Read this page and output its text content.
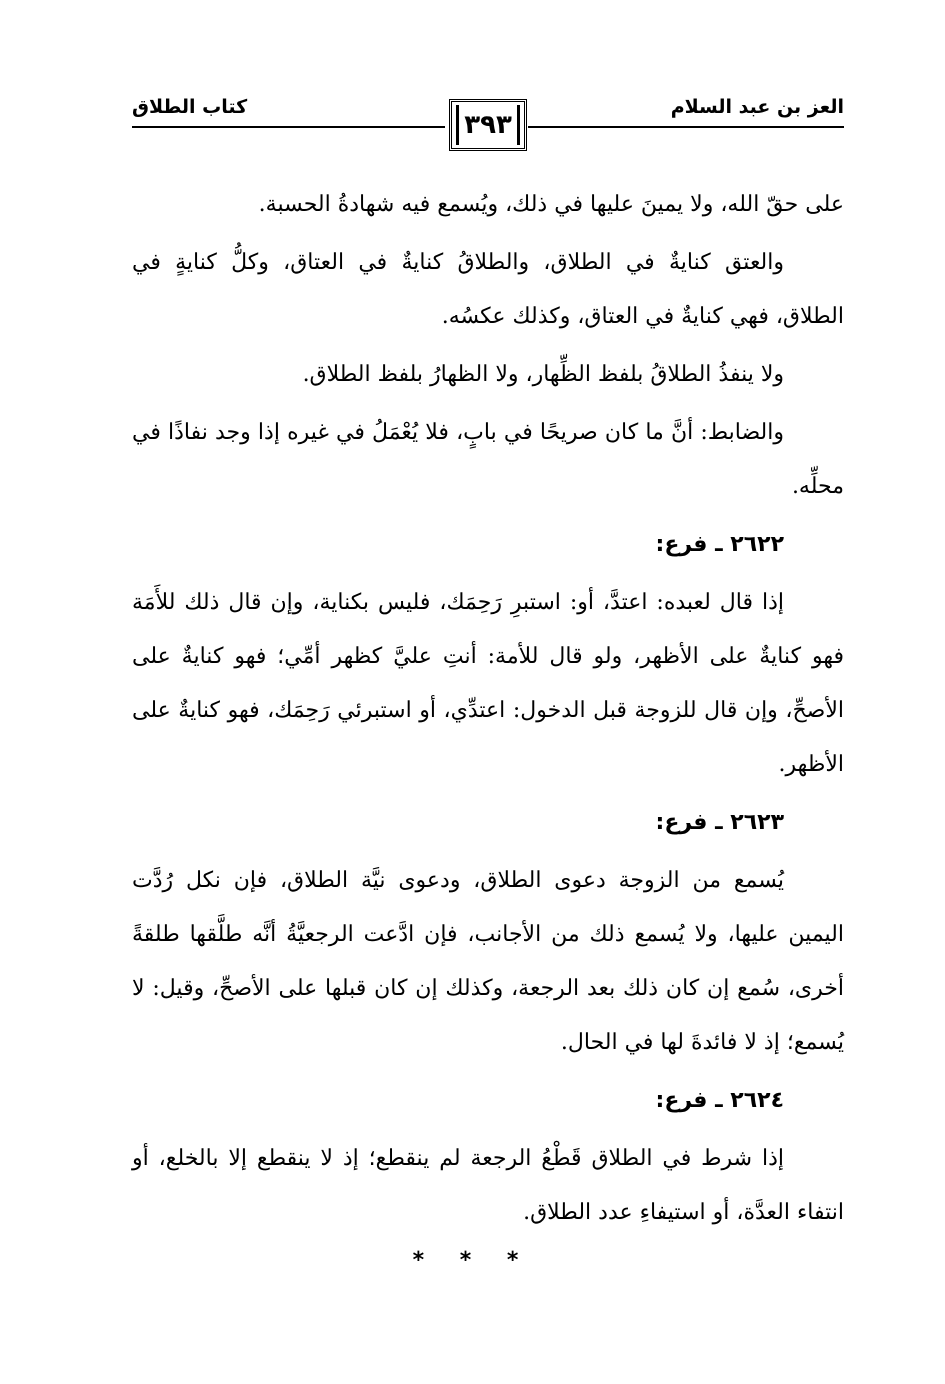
العز بن عبد السلام
٣٩٣
كتاب الطلاق

على حقّ الله، ولا يمينَ عليها في ذلك، ويُسمع فيه شهادةُ الحسبة.

والعتق كنايةٌ في الطلاق، والطلاقُ كنايةٌ في العتاق، وكلُّ كنايةٍ في الطلاق، فهي كنايةٌ في العتاق، وكذلك عكسُه.

ولا ينفذُ الطلاقُ بلفظ الظِّهار، ولا الظهارُ بلفظ الطلاق.

والضابط: أنَّ ما كان صريحًا في بابٍ، فلا يُعْمَلُ في غيره إذا وجد نفاذًا في محلِّه.

٢٦٢٢ ـ فرع:

إذا قال لعبده: اعتدَّ، أو: استبرِ رَحِمَك، فليس بكناية، وإن قال ذلك للأَمَة فهو كنايةٌ على الأظهر، ولو قال للأمة: أنتِ عليَّ كظهر أمِّي؛ فهو كنايةٌ على الأصحِّ، وإن قال للزوجة قبل الدخول: اعتدِّي، أو استبرئي رَحِمَك، فهو كنايةٌ على الأظهر.

٢٦٢٣ ـ فرع:

يُسمع من الزوجة دعوى الطلاق، ودعوى نيَّة الطلاق، فإن نكل رُدَّت اليمين عليها، ولا يُسمع ذلك من الأجانب، فإن ادَّعت الرجعيَّةُ أنَّه طلَّقها طلقةً أخرى، سُمع إن كان ذلك بعد الرجعة، وكذلك إن كان قبلها على الأصحِّ، وقيل: لا يُسمع؛ إذ لا فائدةَ لها في الحال.

٢٦٢٤ ـ فرع:

إذا شرط في الطلاق قَطْعُ الرجعة لم ينقطع؛ إذ لا ينقطع إلا بالخلع، أو انتفاء العدَّة، أو استيفاءِ عدد الطلاق.

* * *
